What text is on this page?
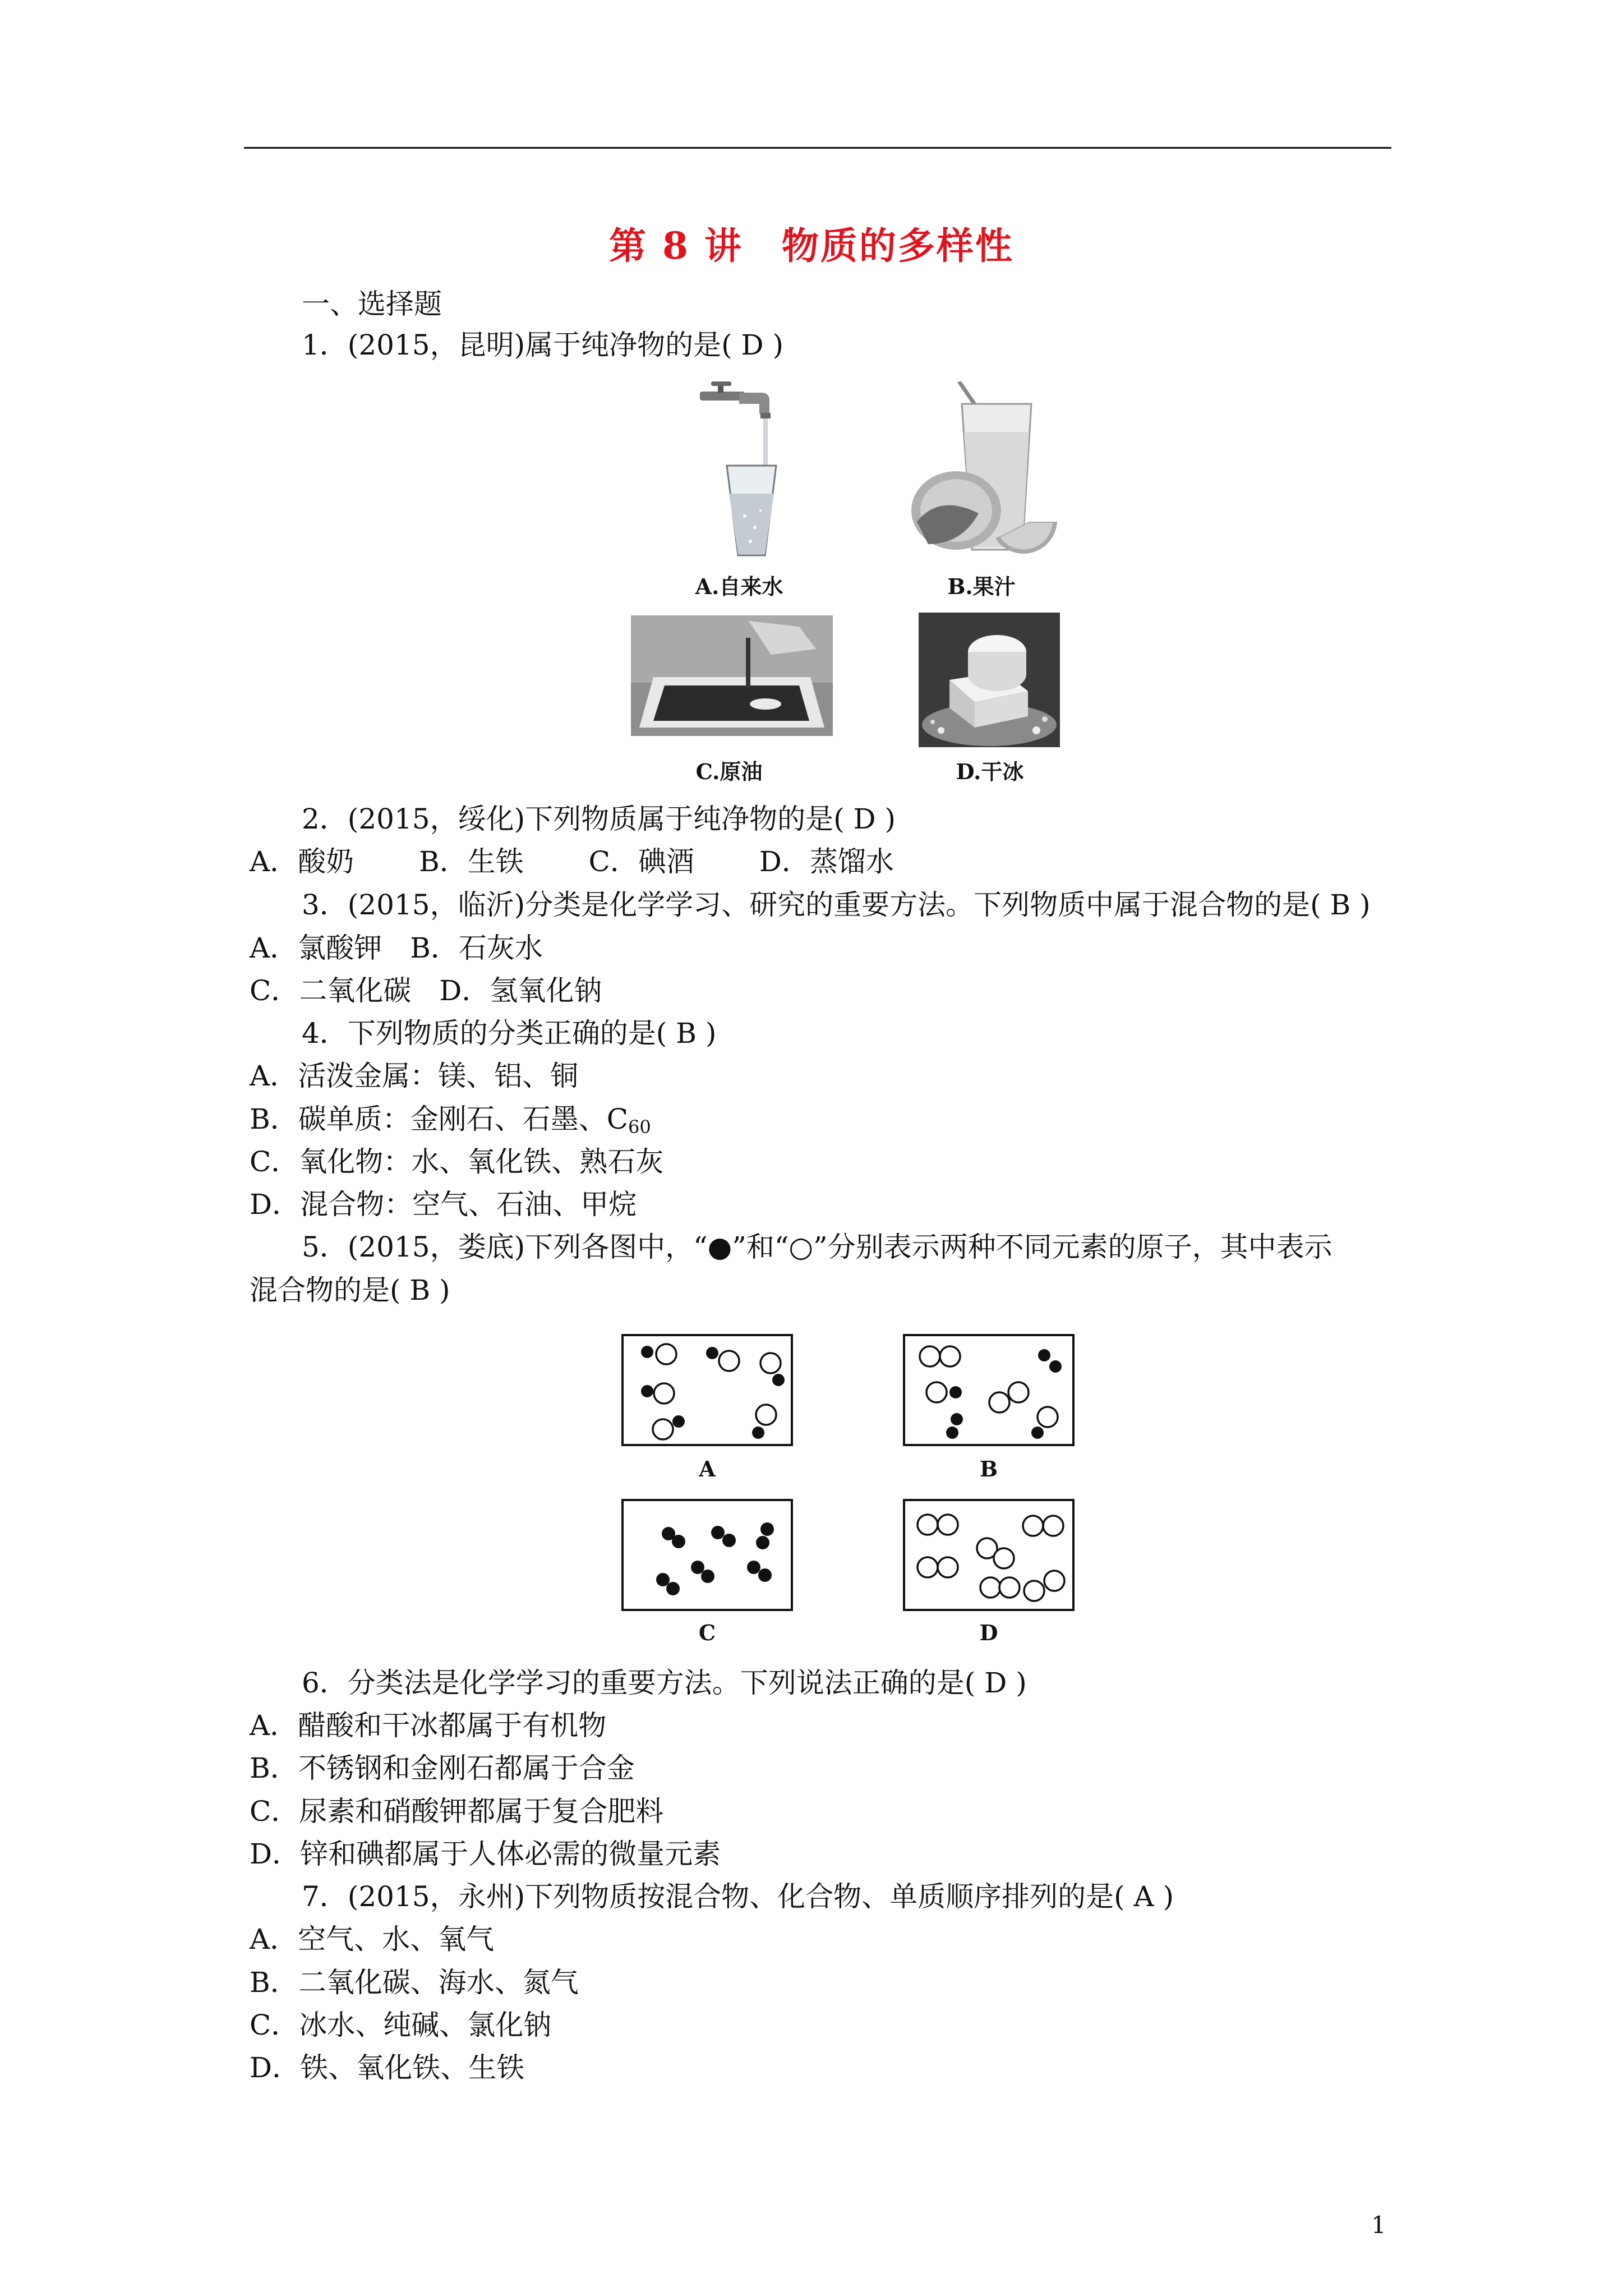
第 8 讲　物质的多样性
一、选择题
1．(2015，昆明)属于纯净物的是( D )
A.自来水	B.果汁
C.原油	D.干冰
2．(2015，绥化)下列物质属于纯净物的是( D )
A．酸奶　　 B．生铁　　 C．碘酒　　 D．蒸馏水
3．(2015，临沂)分类是化学学习、研究的重要方法。下列物质中属于混合物的是( B )
A．氯酸钾　B．石灰水
C．二氧化碳　D．氢氧化钠
4．下列物质的分类正确的是( B )
A．活泼金属：镁、铝、铜
B．碳单质：金刚石、石墨、$C_{60}$
C．氧化物：水、氧化铁、熟石灰
D．混合物：空气、石油、甲烷
5．(2015，娄底)下列各图中，“●”和“○”分别表示两种不同元素的原子，其中表示
混合物的是( B )
A	B
C	D
6．分类法是化学学习的重要方法。下列说法正确的是( D )
A．醋酸和干冰都属于有机物
B．不锈钢和金刚石都属于合金
C．尿素和硝酸钾都属于复合肥料
D．锌和碘都属于人体必需的微量元素
7．(2015，永州)下列物质按混合物、化合物、单质顺序排列的是( A )
A．空气、水、氧气
B．二氧化碳、海水、氮气
C．冰水、纯碱、氯化钠
D．铁、氧化铁、生铁
1
